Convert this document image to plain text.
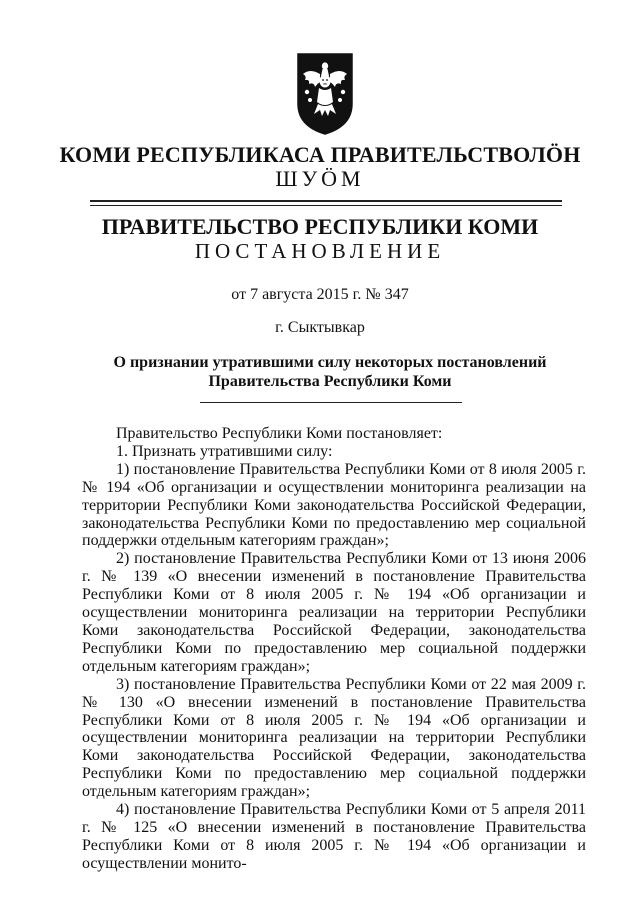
КОМИ РЕСПУБЛИКАСА ПРАВИТЕЛЬСТВОЛÖН
ШУÖМ
ПРАВИТЕЛЬСТВО РЕСПУБЛИКИ КОМИ
ПОСТАНОВЛЕНИЕ
от 7 августа 2015 г. № 347
г. Сыктывкар
О признании утратившими силу некоторых постановлений
Правительства Республики Коми

Правительство Республики Коми постановляет:

1. Признать утратившими силу:

1) постановление Правительства Республики Коми от 8 июля 2005 г. № 194 «Об организации и осуществлении мониторинга реализации на территории Республики Коми законодательства Российской Федерации, законодательства Республики Коми по предоставлению мер социальной поддержки отдельным категориям граждан»;

2) постановление Правительства Республики Коми от 13 июня 2006 г. № 139 «О внесении изменений в постановление Правительства Республики Коми от 8 июля 2005 г. № 194 «Об организации и осуществлении мониторинга реализации на территории Республики Коми законодательства Российской Федерации, законодательства Республики Коми по предоставлению мер социальной поддержки отдельным категориям граждан»;

3) постановление Правительства Республики Коми от 22 мая 2009 г. № 130 «О внесении изменений в постановление Правительства Республики Коми от 8 июля 2005 г. № 194 «Об организации и осуществлении мониторинга реализации на территории Республики Коми законодательства Российской Федерации, законодательства Республики Коми по предоставлению мер социальной поддержки отдельным категориям граждан»;

4) постановление Правительства Республики Коми от 5 апреля 2011 г. № 125 «О внесении изменений в постановление Правительства Республики Коми от 8 июля 2005 г. № 194 «Об организации и осуществлении монито-
